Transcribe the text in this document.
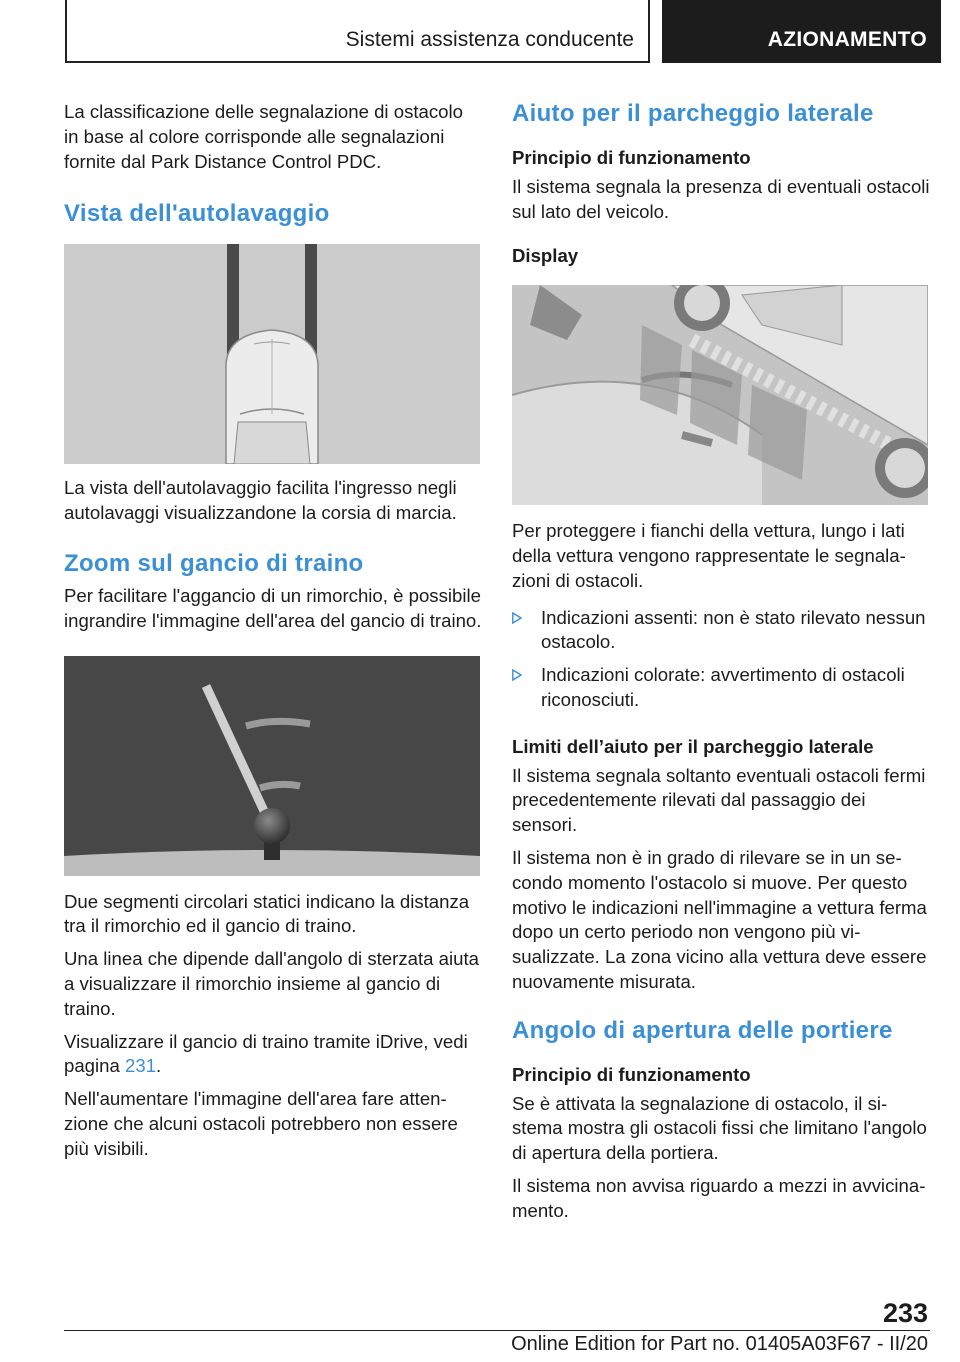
Sistemi assistenza conducente	AZIONAMENTO

La classificazione delle segnalazione di ostacolo in base al colore corrisponde alle segnalazioni fornite dal Park Distance Control PDC.

Vista dell'autolavaggio

La vista dell'autolavaggio facilita l'ingresso negli autolavaggi visualizzandone la corsia di marcia.

Zoom sul gancio di traino

Per facilitare l'aggancio di un rimorchio, è possibile ingrandire l'immagine dell'area del gancio di traino.

Due segmenti circolari statici indicano la distanza tra il rimorchio ed il gancio di traino.

Una linea che dipende dall'angolo di sterzata aiuta a visualizzare il rimorchio insieme al gancio di traino.

Visualizzare il gancio di traino tramite iDrive, vedi pagina 231.

Nell'aumentare l'immagine dell'area fare attenzione che alcuni ostacoli potrebbero non essere più visibili.

Aiuto per il parcheggio laterale
Principio di funzionamento

Il sistema segnala la presenza di eventuali ostacoli sul lato del veicolo.

Display

Per proteggere i fianchi della vettura, lungo i lati della vettura vengono rappresentate le segnalazioni di ostacoli.

Indicazioni assenti: non è stato rilevato nessun ostacolo.
Indicazioni colorate: avvertimento di ostacoli riconosciuti.
Limiti dell’aiuto per il parcheggio laterale

Il sistema segnala soltanto eventuali ostacoli fermi precedentemente rilevati dal passaggio dei sensori.

Il sistema non è in grado di rilevare se in un secondo momento l'ostacolo si muove. Per questo motivo le indicazioni nell'immagine a vettura ferma dopo un certo periodo non vengono più visualizzate. La zona vicino alla vettura deve essere nuovamente misurata.

Angolo di apertura delle portiere
Principio di funzionamento

Se è attivata la segnalazione di ostacolo, il sistema mostra gli ostacoli fissi che limitano l'angolo di apertura della portiera.

Il sistema non avvisa riguardo a mezzi in avvicinamento.

233
Online Edition for Part no. 01405A03F67 - II/20
